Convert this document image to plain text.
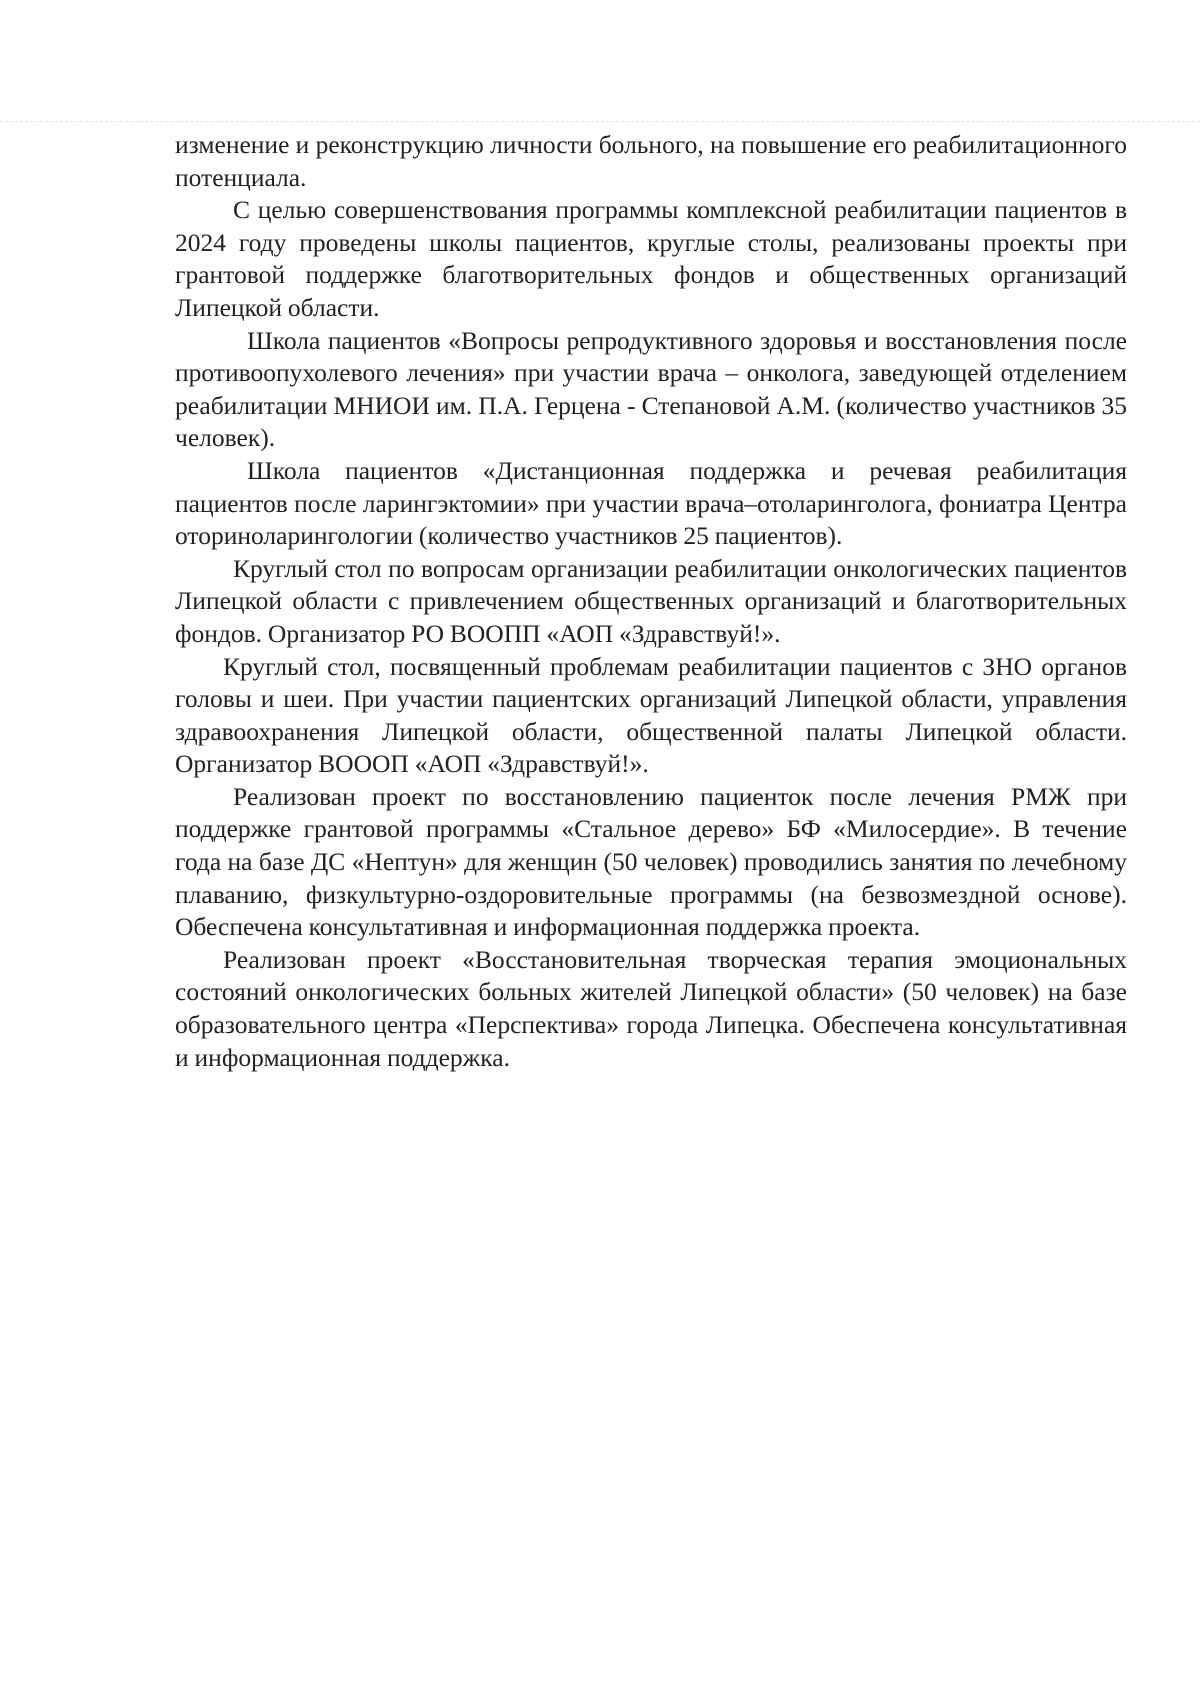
изменение и реконструкцию личности больного, на повышение его реабилитационного потенциала.

С целью совершенствования программы комплексной реабилитации пациентов в 2024 году проведены школы пациентов, круглые столы, реализованы проекты при грантовой поддержке благотворительных фондов и общественных организаций Липецкой области.

Школа пациентов «Вопросы репродуктивного здоровья и восстановления после противоопухолевого лечения» при участии врача – онколога, заведующей отделением реабилитации МНИОИ им. П.А. Герцена - Степановой А.М. (количество участников 35 человек).

Школа пациентов «Дистанционная поддержка и речевая реабилитация пациентов после ларингэктомии» при участии врача–отоларинголога, фониатра Центра оториноларингологии (количество участников 25 пациентов).

Круглый стол по вопросам организации реабилитации онкологических пациентов Липецкой области с привлечением общественных организаций и благотворительных фондов. Организатор РО ВООПП «АОП «Здравствуй!».

Круглый стол, посвященный проблемам реабилитации пациентов с ЗНО органов головы и шеи. При участии пациентских организаций Липецкой области, управления здравоохранения Липецкой области, общественной палаты Липецкой области. Организатор ВОООП «АОП «Здравствуй!».

Реализован проект по восстановлению пациенток после лечения РМЖ при поддержке грантовой программы «Стальное дерево» БФ «Милосердие». В течение года на базе ДС «Нептун» для женщин (50 человек) проводились занятия по лечебному плаванию, физкультурно-оздоровительные программы (на безвозмездной основе). Обеспечена консультативная и информационная поддержка проекта.

Реализован проект «Восстановительная творческая терапия эмоциональных состояний онкологических больных жителей Липецкой области» (50 человек) на базе образовательного центра «Перспектива» города Липецка. Обеспечена консультативная и информационная поддержка.
